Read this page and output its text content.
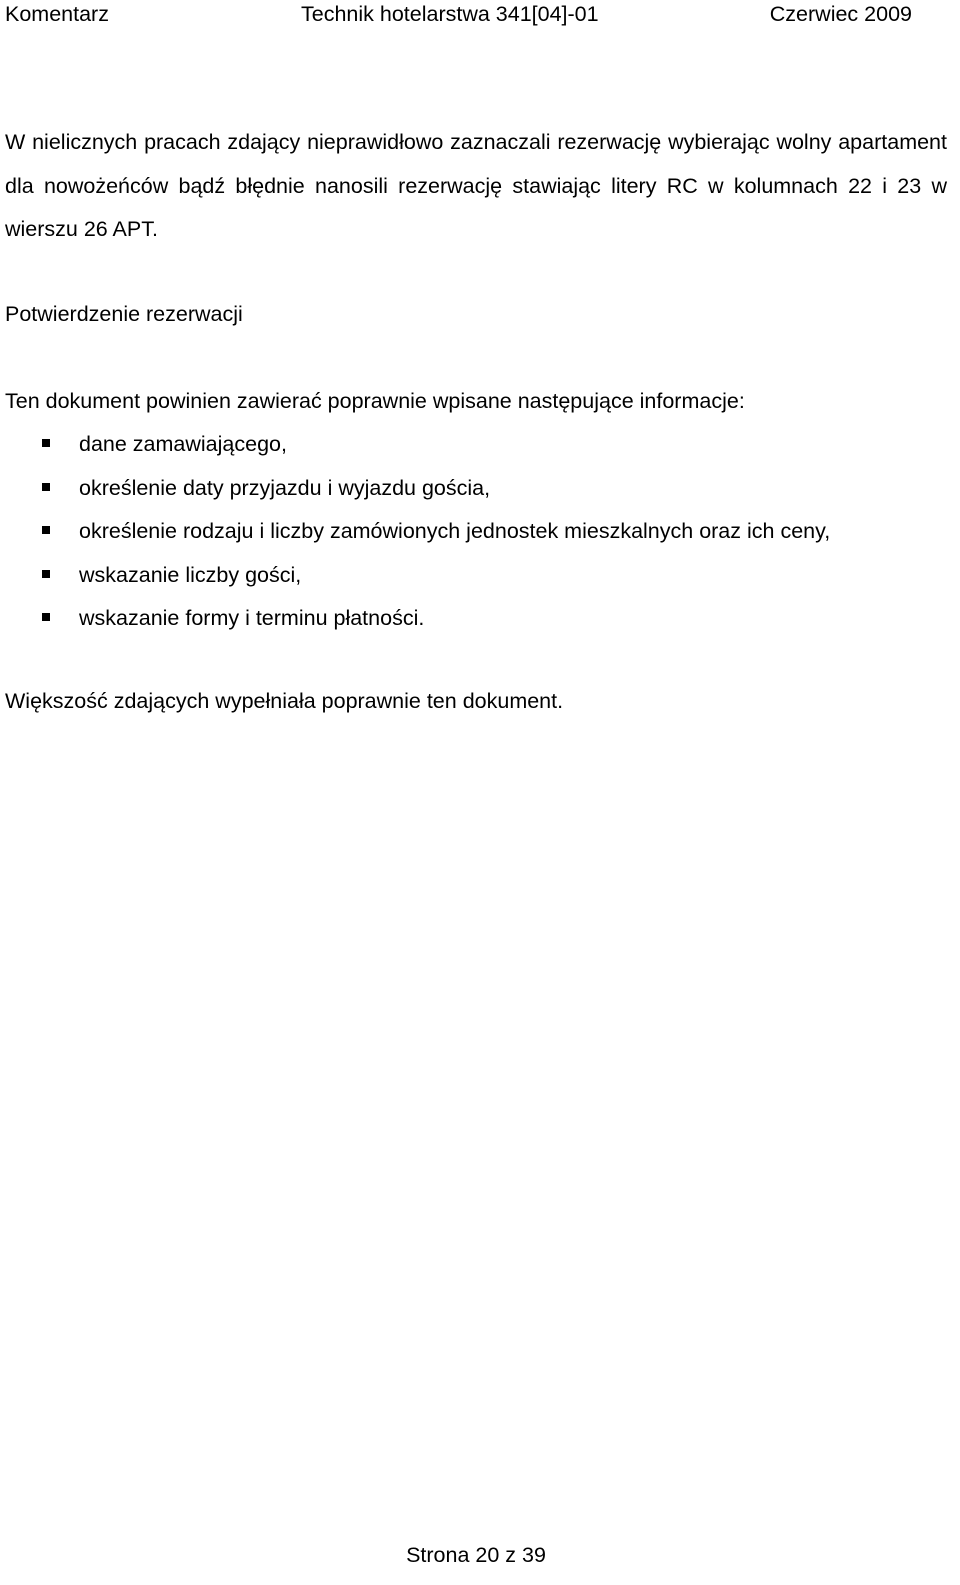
Komentarz	Technik hotelarstwa 341[04]-01	Czerwiec 2009
W nielicznych pracach zdający nieprawidłowo zaznaczali rezerwację wybierając wolny apartament dla nowożeńców bądź błędnie nanosili rezerwację stawiając litery RC w kolumnach 22 i 23 w wierszu 26 APT.
Potwierdzenie rezerwacji
Ten dokument powinien zawierać poprawnie wpisane następujące informacje:
dane zamawiającego,
określenie daty przyjazdu i wyjazdu gościa,
określenie rodzaju i liczby zamówionych jednostek mieszkalnych oraz ich ceny,
wskazanie liczby gości,
wskazanie formy i terminu płatności.
Większość zdających wypełniała poprawnie ten dokument.
Strona 20 z 39
